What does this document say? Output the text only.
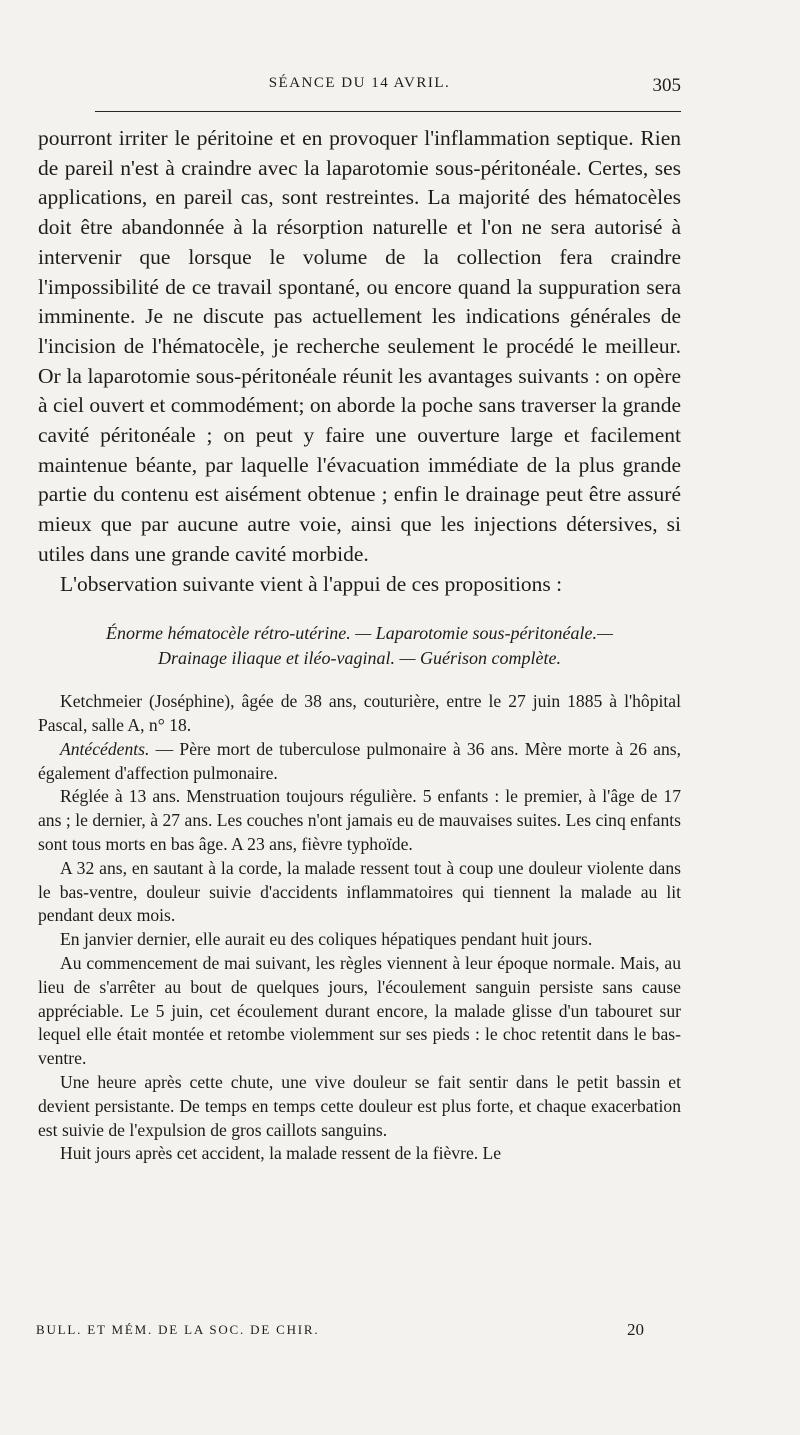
SÉANCE DU 14 AVRIL.	305

pourront irriter le péritoine et en provoquer l'inflammation septique. Rien de pareil n'est à craindre avec la laparotomie sous-péritonéale. Certes, ses applications, en pareil cas, sont restreintes. La majorité des hématocèles doit être abandonnée à la résorption naturelle et l'on ne sera autorisé à intervenir que lorsque le volume de la collection fera craindre l'impossibilité de ce travail spontané, ou encore quand la suppuration sera imminente. Je ne discute pas actuellement les indications générales de l'incision de l'hématocèle, je recherche seulement le procédé le meilleur. Or la laparotomie sous-péritonéale réunit les avantages suivants : on opère à ciel ouvert et commodément; on aborde la poche sans traverser la grande cavité péritonéale ; on peut y faire une ouverture large et facilement maintenue béante, par laquelle l'évacuation immédiate de la plus grande partie du contenu est aisément obtenue ; enfin le drainage peut être assuré mieux que par aucune autre voie, ainsi que les injections détersives, si utiles dans une grande cavité morbide.

L'observation suivante vient à l'appui de ces propositions :

Énorme hématocèle rétro-utérine. — Laparotomie sous-péritonéale.—
Drainage iliaque et iléo-vaginal. — Guérison complète.

Ketchmeier (Joséphine), âgée de 38 ans, couturière, entre le 27 juin 1885 à l'hôpital Pascal, salle A, n° 18.

Antécédents. — Père mort de tuberculose pulmonaire à 36 ans. Mère morte à 26 ans, également d'affection pulmonaire.

Réglée à 13 ans. Menstruation toujours régulière. 5 enfants : le premier, à l'âge de 17 ans ; le dernier, à 27 ans. Les couches n'ont jamais eu de mauvaises suites. Les cinq enfants sont tous morts en bas âge. A 23 ans, fièvre typhoïde.

A 32 ans, en sautant à la corde, la malade ressent tout à coup une douleur violente dans le bas-ventre, douleur suivie d'accidents inflammatoires qui tiennent la malade au lit pendant deux mois.

En janvier dernier, elle aurait eu des coliques hépatiques pendant huit jours.

Au commencement de mai suivant, les règles viennent à leur époque normale. Mais, au lieu de s'arrêter au bout de quelques jours, l'écoulement sanguin persiste sans cause appréciable. Le 5 juin, cet écoulement durant encore, la malade glisse d'un tabouret sur lequel elle était montée et retombe violemment sur ses pieds : le choc retentit dans le bas-ventre.

Une heure après cette chute, une vive douleur se fait sentir dans le petit bassin et devient persistante. De temps en temps cette douleur est plus forte, et chaque exacerbation est suivie de l'expulsion de gros caillots sanguins.

Huit jours après cet accident, la malade ressent de la fièvre. Le

BULL. ET MÉM. DE LA SOC. DE CHIR.	20
